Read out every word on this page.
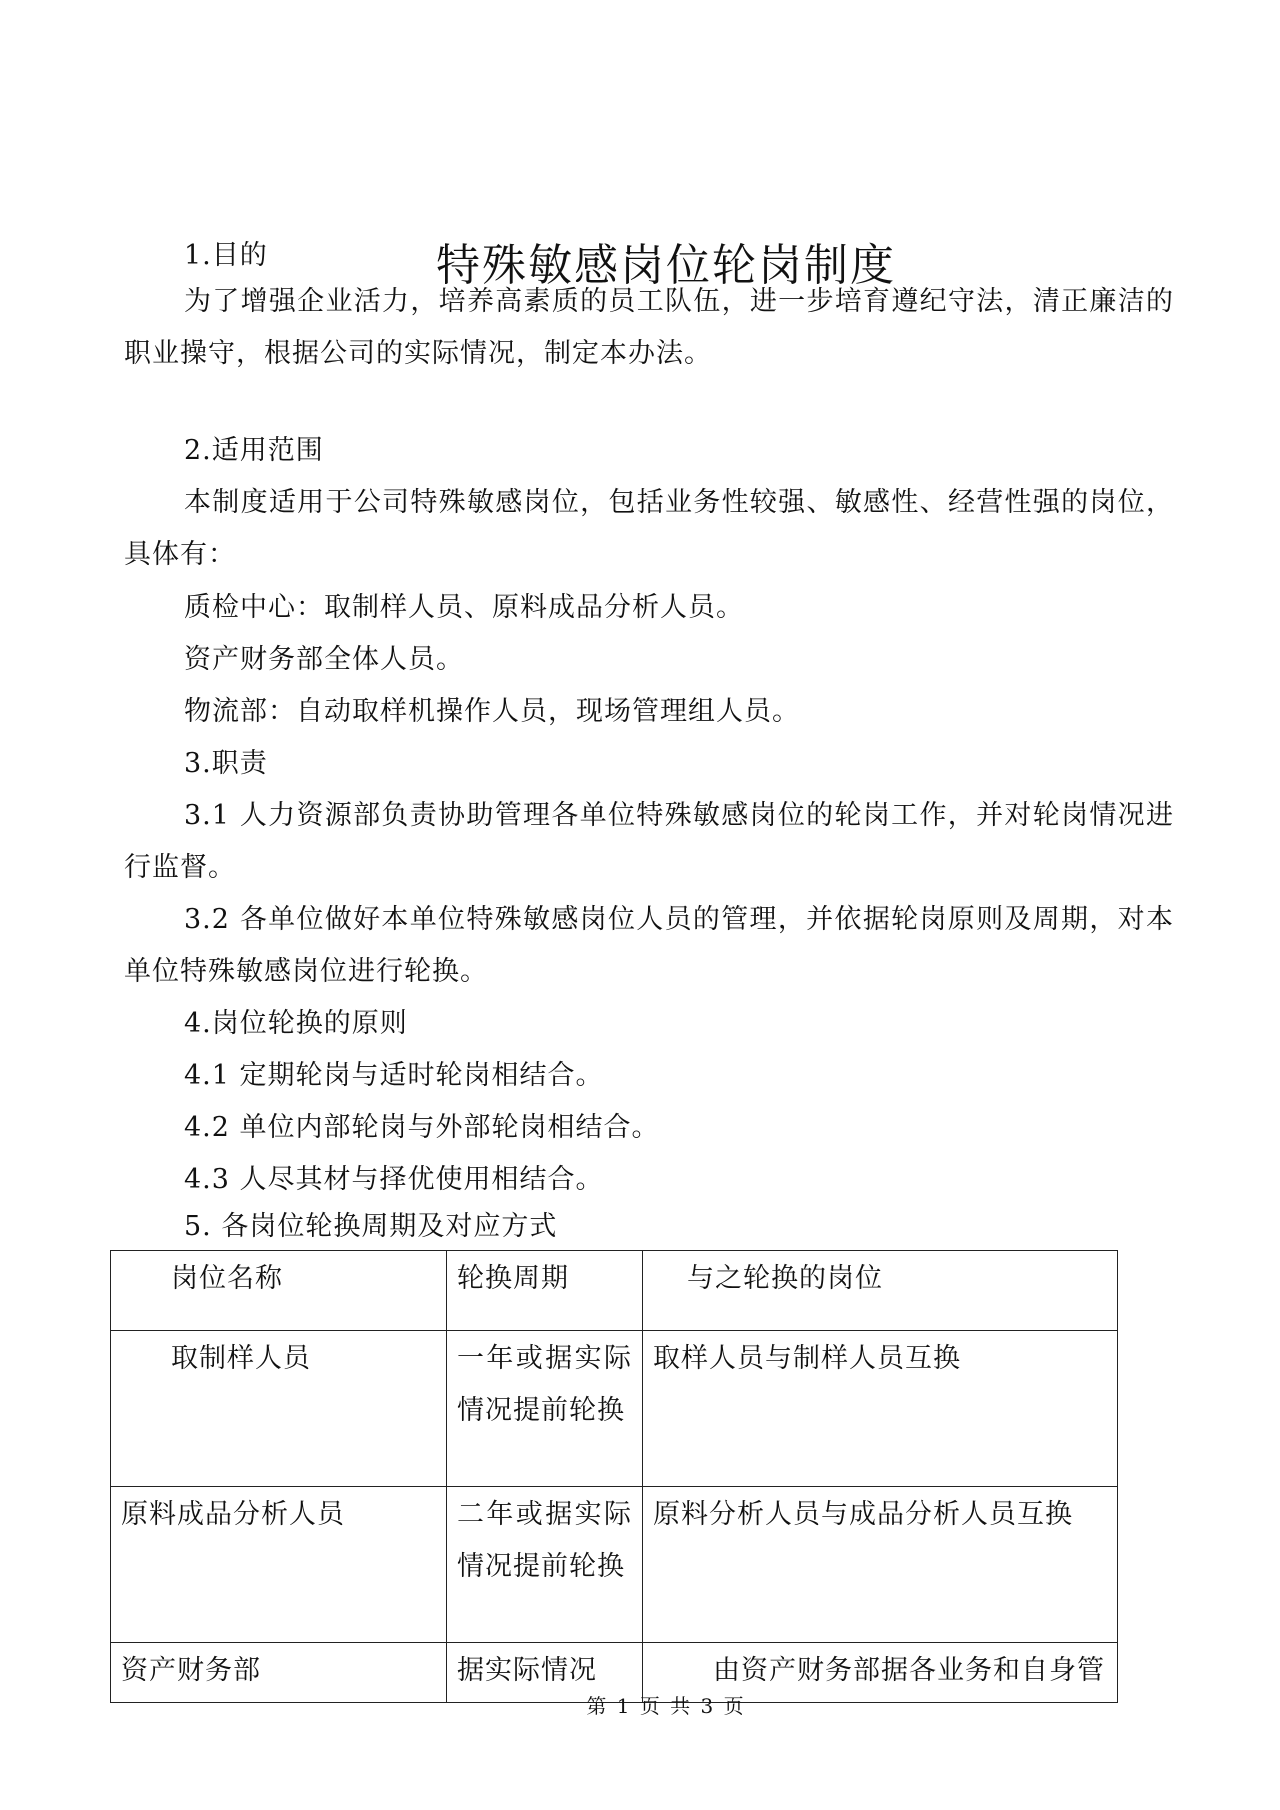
特殊敏感岗位轮岗制度

1.目的

为了增强企业活力，培养高素质的员工队伍，进一步培育遵纪守法，清正廉洁的职业操守，根据公司的实际情况，制定本办法。

2.适用范围

本制度适用于公司特殊敏感岗位，包括业务性较强、敏感性、经营性强的岗位，具体有：

质检中心：取制样人员、原料成品分析人员。

资产财务部全体人员。

物流部：自动取样机操作人员，现场管理组人员。

3.职责

3.1 人力资源部负责协助管理各单位特殊敏感岗位的轮岗工作，并对轮岗情况进行监督。

3.2 各单位做好本单位特殊敏感岗位人员的管理，并依据轮岗原则及周期，对本单位特殊敏感岗位进行轮换。

4.岗位轮换的原则

4.1 定期轮岗与适时轮岗相结合。

4.2 单位内部轮岗与外部轮岗相结合。

4.3 人尽其材与择优使用相结合。

5. 各岗位轮换周期及对应方式

岗位名称	轮换周期	与之轮换的岗位
取制样人员	一年或据实际情况提前轮换	取样人员与制样人员互换
原料成品分析人员	二年或据实际情况提前轮换	原料分析人员与成品分析人员互换
资产财务部	据实际情况	由资产财务部据各业务和自身管
第 1 页 共 3 页
